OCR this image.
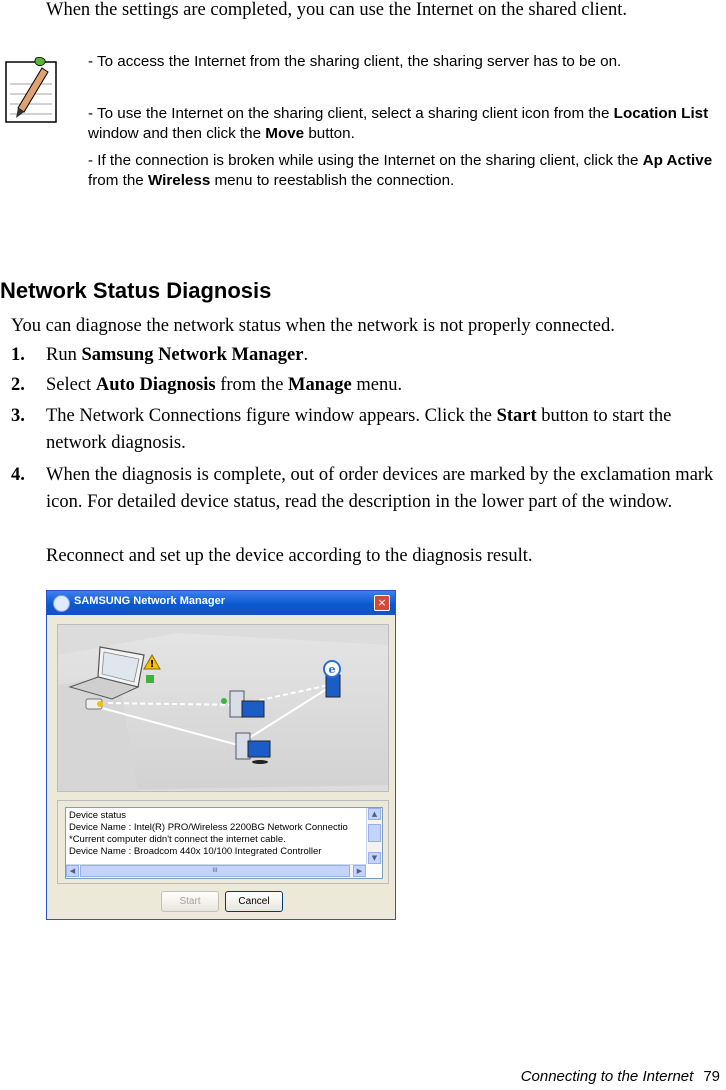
When the settings are completed, you can use the Internet on the shared client.
- To access the Internet from the sharing client, the sharing server has to be on.
- To use the Internet on the sharing client, select a sharing client icon from the Location List window and then click the Move button.
- If the connection is broken while using the Internet on the sharing client, click the Ap Active from the Wireless menu to reestablish the connection.
Network Status Diagnosis
You can diagnose the network status when the network is not properly connected.
1. Run Samsung Network Manager.
2. Select Auto Diagnosis from the Manage menu.
3. The Network Connections figure window appears. Click the Start button to start the network diagnosis.
4. When the diagnosis is complete, out of order devices are marked by the exclamation mark icon. For detailed device status, read the description in the lower part of the window.
Reconnect and set up the device according to the diagnosis result.
SAMSUNG Network Manager	×
!	e
Device status
Device Name : Intel(R) PRO/Wireless 2200BG Network Connectio
*Current computer didn't connect the internet cable.
Device Name : Broadcom 440x 10/100 Integrated Controller
▲
▼
◀	III	▶
Start	Cancel
Connecting to the Internet 79
